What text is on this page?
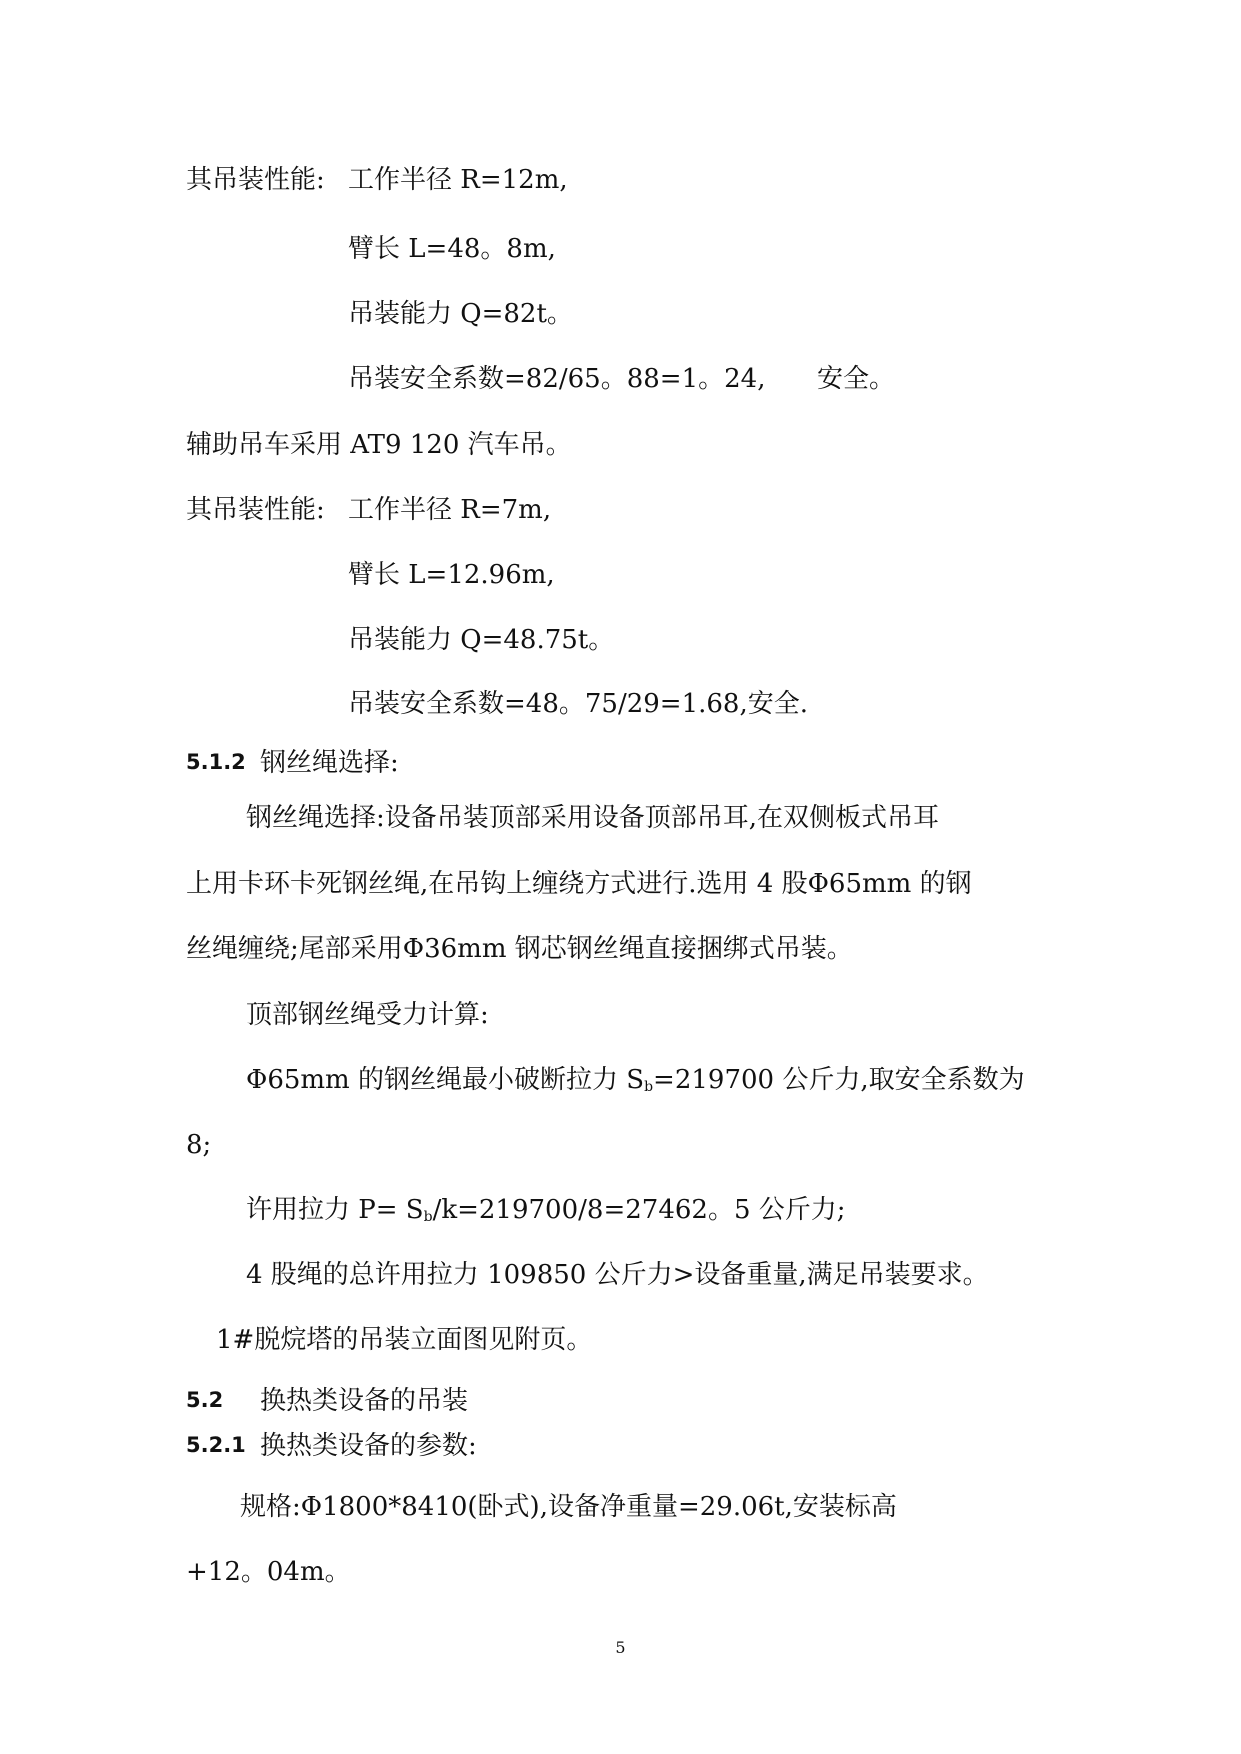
其吊装性能: 工作半径 R=12m,
臂长 L=48。8m,
吊装能力 Q=82t。
吊装安全系数=82/65。88=1。24, 安全。
辅助吊车采用 AT9 120 汽车吊。
其吊装性能: 工作半径 R=7m,
臂长 L=12.96m,
吊装能力 Q=48.75t。
吊装安全系数=48。75/29=1.68,安全.
5.1.2 钢丝绳选择:
钢丝绳选择:设备吊装顶部采用设备顶部吊耳,在双侧板式吊耳
上用卡环卡死钢丝绳,在吊钩上缠绕方式进行.选用 4 股Φ65mm 的钢
丝绳缠绕;尾部采用Φ36mm 钢芯钢丝绳直接捆绑式吊装。
顶部钢丝绳受力计算:
Φ65mm 的钢丝绳最小破断拉力 $S_b=219700$ 公斤力,取安全系数为
8;
许用拉力 $P= S_b/k=219700/8=27462$。5 公斤力;
4 股绳的总许用拉力 109850 公斤力>设备重量,满足吊装要求。
1#脱烷塔的吊装立面图见附页。
5.2 换热类设备的吊装
5.2.1 换热类设备的参数:
规格:Φ1800*8410(卧式),设备净重量=29.06t,安装标高
+12。04m。
5
